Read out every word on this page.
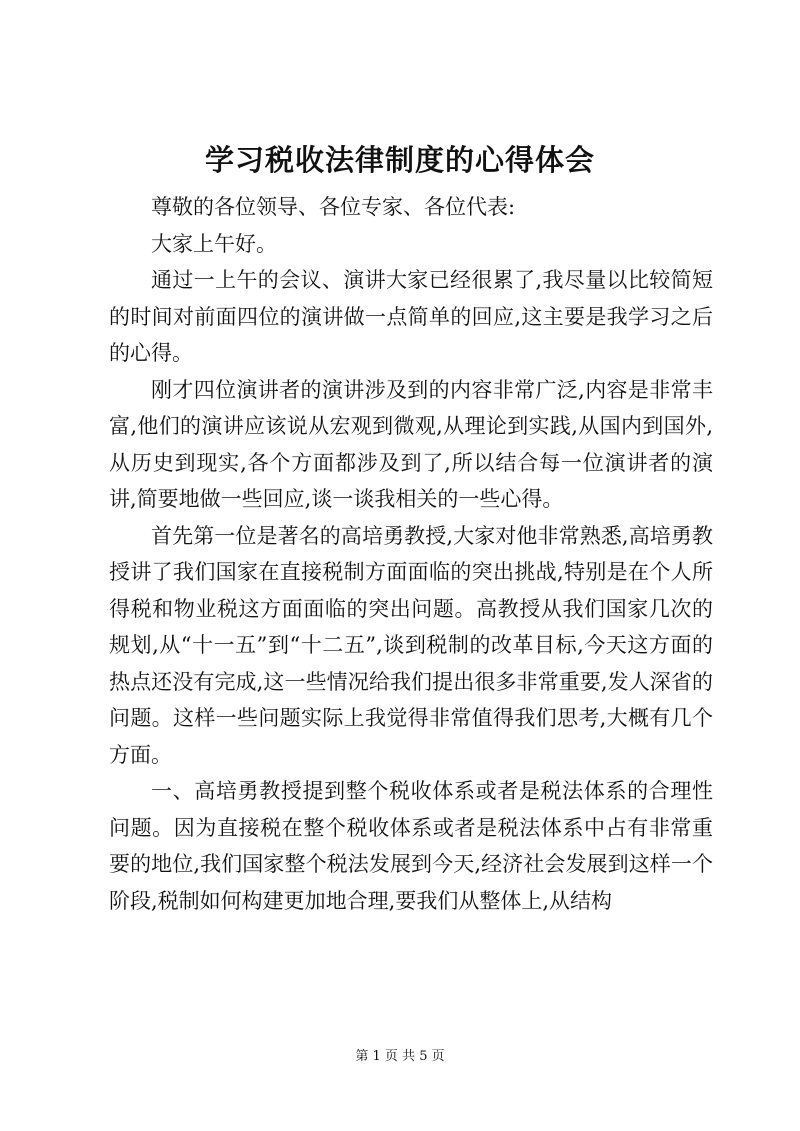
学习税收法律制度的心得体会

尊敬的各位领导、各位专家、各位代表:

大家上午好。

通过一上午的会议、演讲大家已经很累了,我尽量以比较简短的时间对前面四位的演讲做一点简单的回应,这主要是我学习之后的心得。

刚才四位演讲者的演讲涉及到的内容非常广泛,内容是非常丰富,他们的演讲应该说从宏观到微观,从理论到实践,从国内到国外,从历史到现实,各个方面都涉及到了,所以结合每一位演讲者的演讲,简要地做一些回应,谈一谈我相关的一些心得。

首先第一位是著名的高培勇教授,大家对他非常熟悉,高培勇教授讲了我们国家在直接税制方面面临的突出挑战,特别是在个人所得税和物业税这方面面临的突出问题。高教授从我们国家几次的规划,从“十一五”到“十二五”,谈到税制的改革目标,今天这方面的热点还没有完成,这一些情况给我们提出很多非常重要,发人深省的问题。这样一些问题实际上我觉得非常值得我们思考,大概有几个方面。

一、高培勇教授提到整个税收体系或者是税法体系的合理性问题。因为直接税在整个税收体系或者是税法体系中占有非常重要的地位,我们国家整个税法发展到今天,经济社会发展到这样一个阶段,税制如何构建更加地合理,要我们从整体上,从结构

第 1 页 共 5 页
